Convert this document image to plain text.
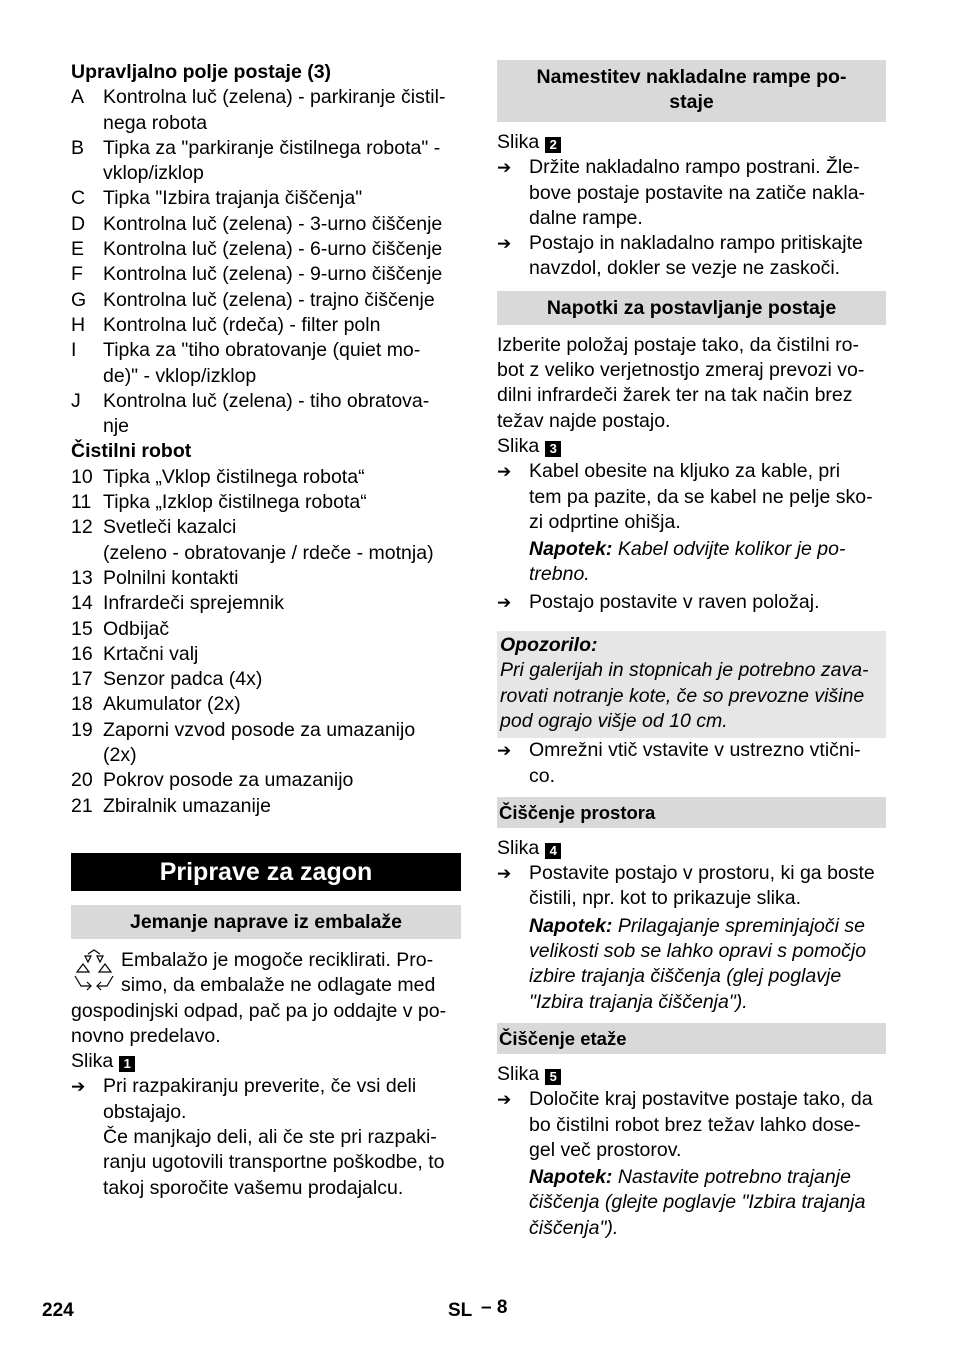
Upravljalno polje postaje (3)

A Kontrolna luč (zelena) - parkiranje čistil-
nega robota
B Tipka za "parkiranje čistilnega robota" -
vklop/izklop
C Tipka "Izbira trajanja čiščenja"
D Kontrolna luč (zelena) - 3-urno čiščenje
E Kontrolna luč (zelena) - 6-urno čiščenje
F	Kontrolna luč (zelena) - 9-urno čiščenje
G Kontrolna luč (zelena) - trajno čiščenje
H Kontrolna luč (rdeča) - filter poln
I	Tipka za "tiho obratovanje (quiet mo-
de)" - vklop/izklop
J	Kontrolna luč (zelena) - tiho obratova-
nje

Čistilni robot

10 Tipka „Vklop čistilnega robota“
11 Tipka „Izklop čistilnega robota“
12 Svetleči kazalci
(zeleno - obratovanje / rdeče - motnja)
13 Polnilni kontakti
14 Infrardeči sprejemnik
15 Odbijač
16 Krtačni valj
17 Senzor padca (4x)
18 Akumulator (2x)
19 Zaporni vzvod posode za umazanijo
(2x)
20 Pokrov posode za umazanijo
21 Zbiralnik umazanije
Priprave za zagon
Jemanje naprave iz embalaže
Embalažo je mogoče reciklirati. Pro-
simo, da embalaže ne odlagate med
gospodinjski odpad, pač pa jo oddajte v po-
novno predelavo.
Slika 1
➔ Pri razpakiranju preverite, če vsi deli
obstajajo.
Če manjkajo deli, ali če ste pri razpaki-
ranju ugotovili transportne poškodbe, to
takoj sporočite vašemu prodajalcu.
Namestitev nakladalne rampe po-
staje
Slika 2
➔ Držite nakladalno rampo postrani. Žle-
bove postaje postavite na zatiče nakla-
dalne rampe.
➔ Postajo in nakladalno rampo pritiskajte
navzdol, dokler se vezje ne zaskoči.
Napotki za postavljanje postaje
Izberite položaj postaje tako, da čistilni ro-
bot z veliko verjetnostjo zmeraj prevozi vo-
dilni infrardeči žarek ter na tak način brez
težav najde postajo.
Slika 3
➔ Kabel obesite na kljuko za kable, pri
tem pa pazite, da se kabel ne pelje sko-
zi odprtine ohišja.
Napotek: Kabel odvijte kolikor je po-
trebno.
➔ Postajo postavite v raven položaj.
Opozorilo:
Pri galerijah in stopnicah je potrebno zava-
rovati notranje kote, če so prevozne višine
pod ograjo višje od 10 cm.
➔ Omrežni vtič vstavite v ustrezno vtični-
co.
Čiščenje prostora
Slika 4
➔ Postavite postajo v prostoru, ki ga boste
čistili, npr. kot to prikazuje slika.
Napotek: Prilagajanje spreminjajoči se
velikosti sob se lahko opravi s pomočjo
izbire trajanja čiščenja (glej poglavje
"Izbira trajanja čiščenja").
Čiščenje etaže
Slika 5
➔ Določite kraj postavitve postaje tako, da
bo čistilni robot brez težav lahko dose-
gel več prostorov.
Napotek: Nastavite potrebno trajanje
čiščenja (glejte poglavje "Izbira trajanja
čiščenja").
224	SL – 8
